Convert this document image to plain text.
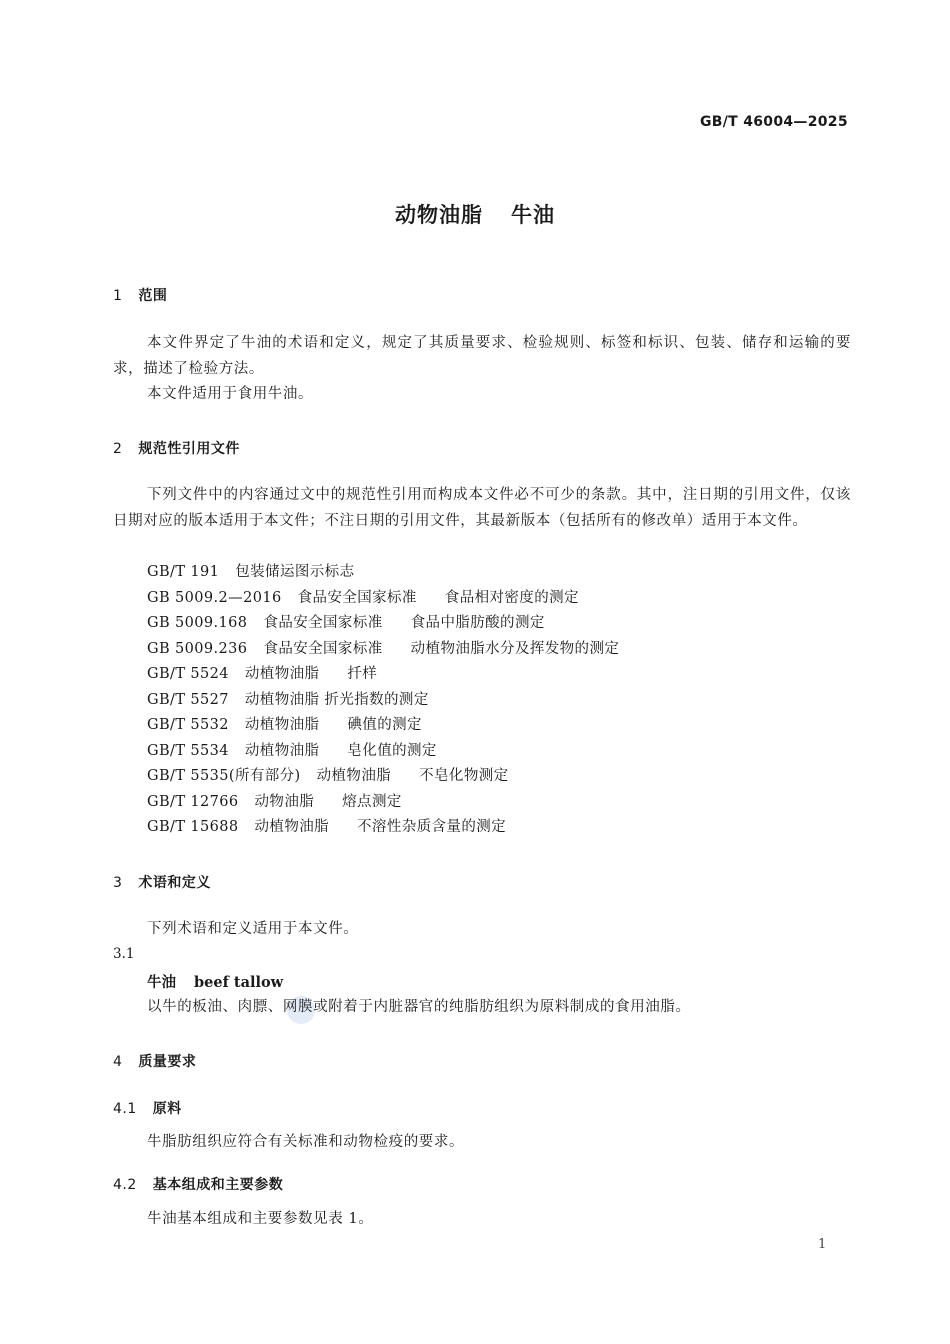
GB/T 46004—2025
动物油脂 牛油
1 范围
本文件界定了牛油的术语和定义，规定了其质量要求、检验规则、标签和标识、包装、储存和运输的要求，描述了检验方法。
本文件适用于食用牛油。
2 规范性引用文件
下列文件中的内容通过文中的规范性引用而构成本文件必不可少的条款。其中，注日期的引用文件，仅该日期对应的版本适用于本文件；不注日期的引用文件，其最新版本（包括所有的修改单）适用于本文件。
GB/T 191 包装储运图示标志
GB 5009.2—2016 食品安全国家标准 食品相对密度的测定
GB 5009.168 食品安全国家标准 食品中脂肪酸的测定
GB 5009.236 食品安全国家标准 动植物油脂水分及挥发物的测定
GB/T 5524 动植物油脂 扦样
GB/T 5527 动植物油脂 折光指数的测定
GB/T 5532 动植物油脂 碘值的测定
GB/T 5534 动植物油脂 皂化值的测定
GB/T 5535(所有部分) 动植物油脂 不皂化物测定
GB/T 12766 动物油脂 熔点测定
GB/T 15688 动植物油脂 不溶性杂质含量的测定
3 术语和定义
下列术语和定义适用于本文件。
3.1
牛油 beef tallow
以牛的板油、肉膘、网膜或附着于内脏器官的纯脂肪组织为原料制成的食用油脂。
4 质量要求
4.1 原料
牛脂肪组织应符合有关标准和动物检疫的要求。
4.2 基本组成和主要参数
牛油基本组成和主要参数见表 1。
1
